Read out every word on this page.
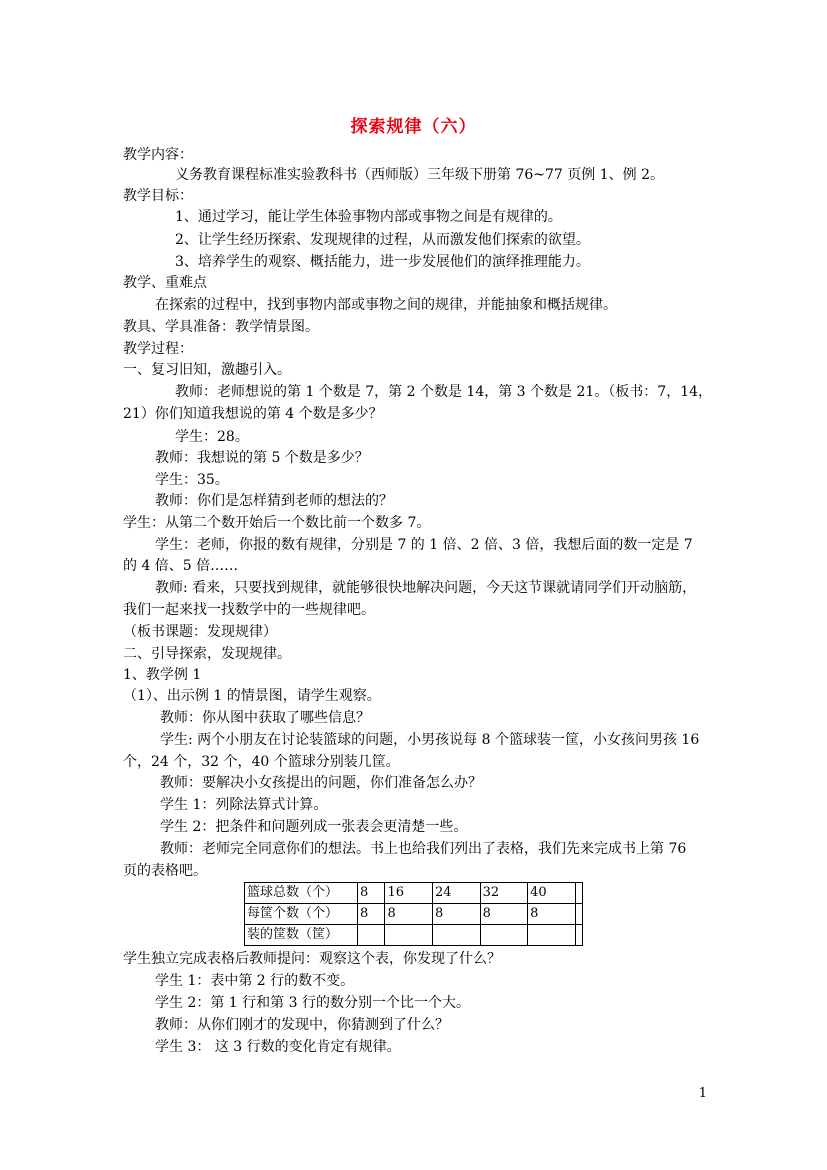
探索规律（六）
教学内容：
义务教育课程标准实验教科书（西师版）三年级下册第 76~77 页例 1、例 2。
教学目标：
1、通过学习，能让学生体验事物内部或事物之间是有规律的。
2、让学生经历探索、发现规律的过程，从而激发他们探索的欲望。
3、培养学生的观察、概括能力，进一步发展他们的演绎推理能力。
教学、重难点
在探索的过程中，找到事物内部或事物之间的规律，并能抽象和概括规律。
教具、学具准备：教学情景图。
教学过程：
一、复习旧知，激趣引入。
教师：老师想说的第 1 个数是 7，第 2 个数是 14，第 3 个数是 21。（板书：7，14，
21）你们知道我想说的第 4 个数是多少？
学生：28。
教师：我想说的第 5 个数是多少？
学生：35。
教师：你们是怎样猜到老师的想法的？
学生：从第二个数开始后一个数比前一个数多 7。
学生：老师，你报的数有规律，分别是 7 的 1 倍、2 倍、3 倍，我想后面的数一定是 7
的 4 倍、5 倍……
教师: 看来，只要找到规律，就能够很快地解决问题，今天这节课就请同学们开动脑筋，
我们一起来找一找数学中的一些规律吧。
（板书课题：发现规律）
二、引导探索，发现规律。
1、教学例 1
（1）、出示例 1 的情景图，请学生观察。
教师：你从图中获取了哪些信息？
学生: 两个小朋友在讨论装篮球的问题，小男孩说每 8 个篮球装一筐，小女孩问男孩 16
个，24 个，32 个，40 个篮球分别装几筐。
教师：要解决小女孩提出的问题，你们准备怎么办？
学生 1：列除法算式计算。
学生 2：把条件和问题列成一张表会更清楚一些。
教师：老师完全同意你们的想法。书上也给我们列出了表格，我们先来完成书上第 76
页的表格吧。
篮球总数（个）	8	16	24	32	40	
每筐个数（个）	8	8	8	8	8	
装的筐数（筐）						
学生独立完成表格后教师提问：观察这个表，你发现了什么？
学生 1：表中第 2 行的数不变。
学生 2：第 1 行和第 3 行的数分别一个比一个大。
教师：从你们刚才的发现中，你猜测到了什么？
学生 3： 这 3 行数的变化肯定有规律。
1
